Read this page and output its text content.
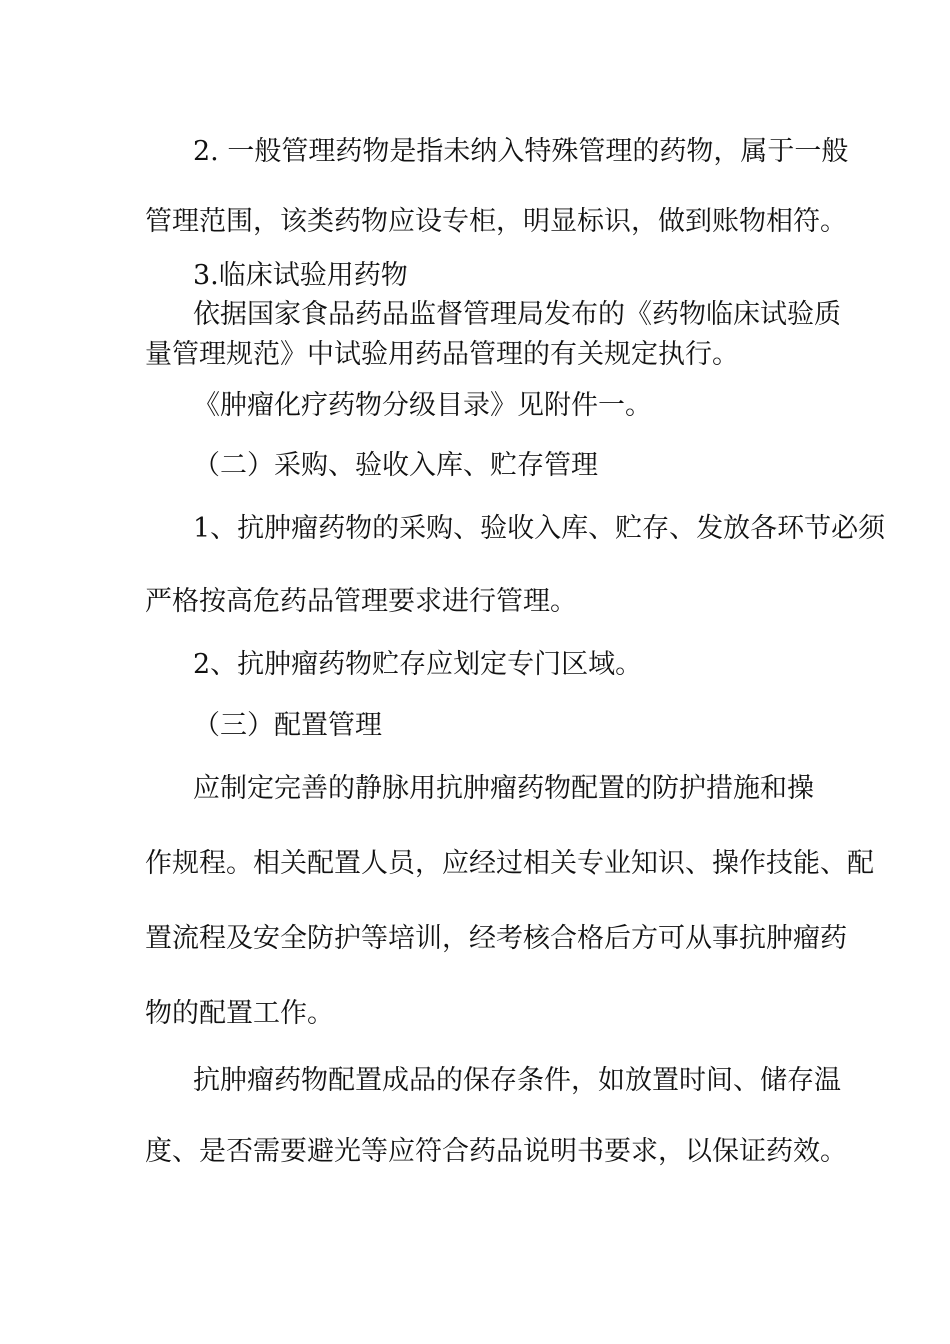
2. 一般管理药物是指未纳入特殊管理的药物，属于一般
管理范围，该类药物应设专柜，明显标识，做到账物相符。
3.临床试验用药物
依据国家食品药品监督管理局发布的《药物临床试验质
量管理规范》中试验用药品管理的有关规定执行。
《肿瘤化疗药物分级目录》见附件一。
（二）采购、验收入库、贮存管理
1、抗肿瘤药物的采购、验收入库、贮存、发放各环节必须
严格按高危药品管理要求进行管理。
2、抗肿瘤药物贮存应划定专门区域。
（三）配置管理
应制定完善的静脉用抗肿瘤药物配置的防护措施和操
作规程。相关配置人员，应经过相关专业知识、操作技能、配
置流程及安全防护等培训，经考核合格后方可从事抗肿瘤药
物的配置工作。
抗肿瘤药物配置成品的保存条件，如放置时间、储存温
度、是否需要避光等应符合药品说明书要求，以保证药效。
